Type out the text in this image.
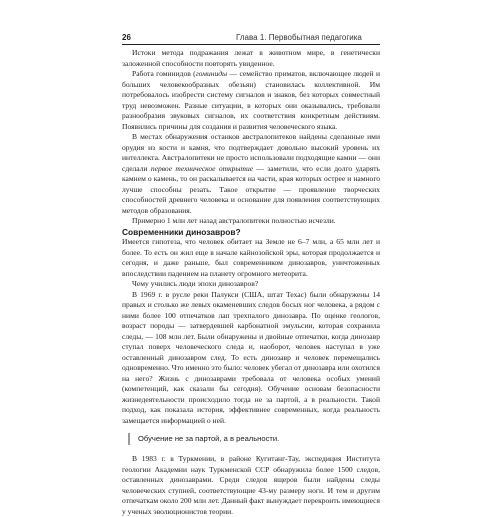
26	Глава 1. Первобытная педагогика

Истоки метода подражания лежат в животном мире, в генетически заложенной способности повторять увиденное.

Работа гоминидов (гоминиды — семейство приматов, включающее людей и больших человекообразных обезьян) становилась коллективной. Им потребовалось изобрести систему сигналов и знаков, без которых совместный труд невозможен. Разные ситуации, в которых они оказывались, требовали разнообразия звуковых сигналов, их соответствия конкретным действиям. Появились причины для создания и развития человеческого языка.

В местах обнаружения останков австралопитеков найдены сделанные ими орудия из кости и камня, что подтверждает довольно высокий уровень их интеллекта. Австралопитеки не просто использовали подходящие камни — они сделали первое техническое открытие — заметили, что если долго ударять камнем о камень, то он раскалывается на части, края которых острее и намного лучше способны резать. Такое открытие — проявление творческих способностей древнего человека и основание для появления соответствующих методов образования.

Примерно 1 млн лет назад австралопитеки полностью исчезли.

Современники динозавров?

Имеется гипотеза, что человек обитает на Земле не 6–7 млн, а 65 млн лет и более. То есть он жил еще в начале кайнозойской эры, которая продолжается и сегодня, и даже раньше, был современником динозавров, уничтоженных впоследствии падением на планету огромного метеорита.

Чему учились люди эпохи динозавров?

В 1969 г. в русле реки Палукси (США, штат Техас) были обнаружены 14 правых и столько же левых окаменевших следов босых ног человека, а рядом с ними более 100 отпечатков лап трехпалого динозавра. По оценке геологов, возраст породы — затвердевшей карбонатной эмульсии, которая сохранила следы, — 108 млн лет. Были обнаружены и двойные отпечатки, когда динозавр ступал поверх человеческого следа и, наоборот, человек наступал в уже оставленный динозавром след. То есть динозавр и человек перемещались одновременно. Что именно это было: человек убегал от динозавра или охотился на него? Жизнь с динозаврами требовала от человека особых умений (компетенций, как сказали бы сегодня). Обучение основам безопасности жизнедеятельности происходило тогда не за партой, а в реальности. Такой подход, как показала история, эффективнее современных, когда реальность замещается информацией о ней.

Обучение не за партой, а в реальности.

В 1983 г. в Туркмении, в районе Кугитанг-Тау, экспедиция Института геологии Академии наук Туркменской ССР обнаружила более 1500 следов, оставленных динозаврами. Среди следов ящеров были найдены следы человеческих ступней, соответствующие 43-му размеру ноги. И тем и другим отпечаткам около 200 млн лет. Данный факт вынуждает перекроить имеющиеся у ученых эволюционистов теории.
